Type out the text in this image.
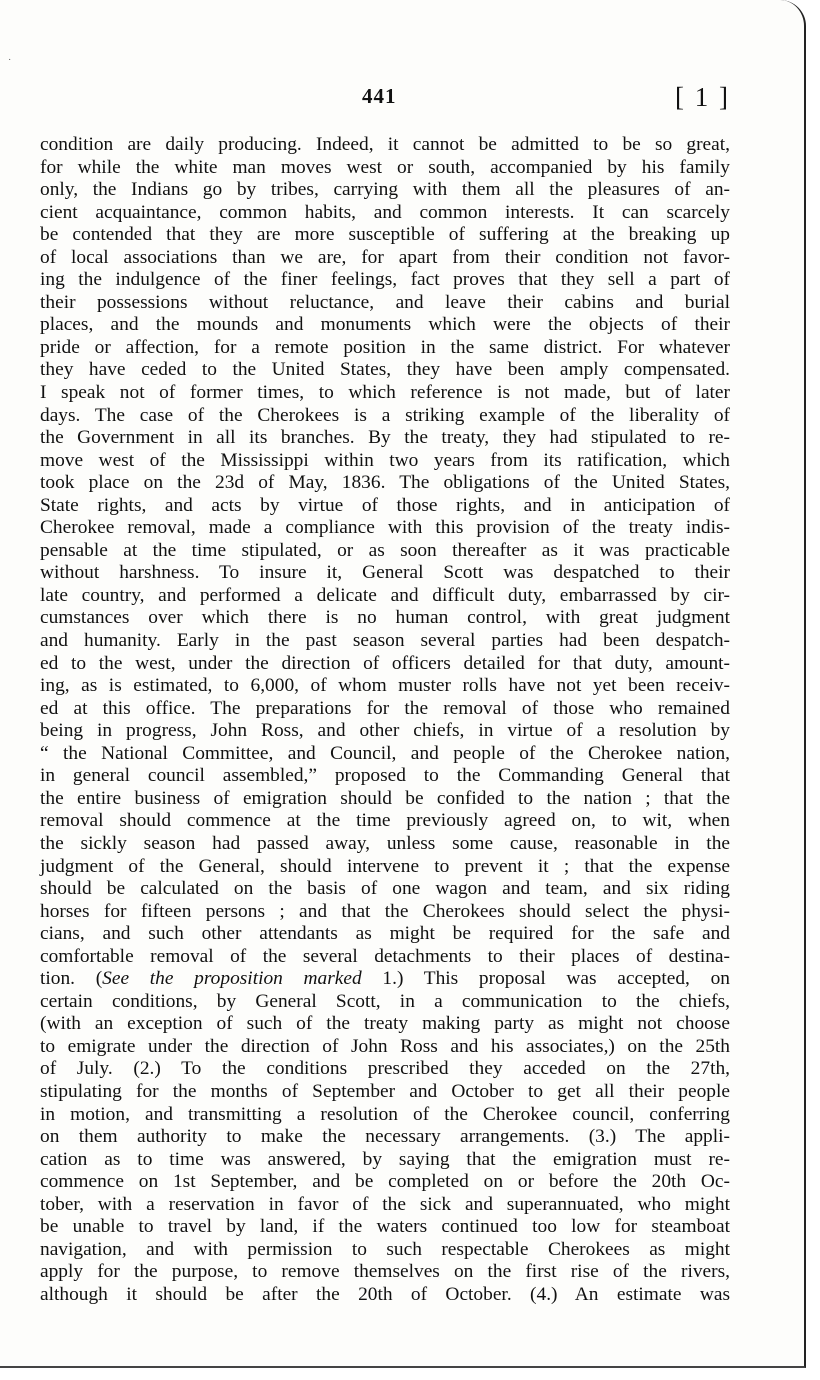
˙
441	[ 1 ]
condition are daily producing. Indeed, it cannot be admitted to be so great,
for while the white man moves west or south, accompanied by his family
only, the Indians go by tribes, carrying with them all the pleasures of an-
cient acquaintance, common habits, and common interests. It can scarcely
be contended that they are more susceptible of suffering at the breaking up
of local associations than we are, for apart from their condition not favor-
ing the indulgence of the finer feelings, fact proves that they sell a part of
their possessions without reluctance, and leave their cabins and burial
places, and the mounds and monuments which were the objects of their
pride or affection, for a remote position in the same district. For whatever
they have ceded to the United States, they have been amply compensated.
I speak not of former times, to which reference is not made, but of later
days. The case of the Cherokees is a striking example of the liberality of
the Government in all its branches. By the treaty, they had stipulated to re-
move west of the Mississippi within two years from its ratification, which
took place on the 23d of May, 1836. The obligations of the United States,
State rights, and acts by virtue of those rights, and in anticipation of
Cherokee removal, made a compliance with this provision of the treaty indis-
pensable at the time stipulated, or as soon thereafter as it was practicable
without harshness. To insure it, General Scott was despatched to their
late country, and performed a delicate and difficult duty, embarrassed by cir-
cumstances over which there is no human control, with great judgment
and humanity. Early in the past season several parties had been despatch-
ed to the west, under the direction of officers detailed for that duty, amount-
ing, as is estimated, to 6,000, of whom muster rolls have not yet been receiv-
ed at this office. The preparations for the removal of those who remained
being in progress, John Ross, and other chiefs, in virtue of a resolution by
“ the National Committee, and Council, and people of the Cherokee nation,
in general council assembled,” proposed to the Commanding General that
the entire business of emigration should be confided to the nation ; that the
removal should commence at the time previously agreed on, to wit, when
the sickly season had passed away, unless some cause, reasonable in the
judgment of the General, should intervene to prevent it ; that the expense
should be calculated on the basis of one wagon and team, and six riding
horses for fifteen persons ; and that the Cherokees should select the physi-
cians, and such other attendants as might be required for the safe and
comfortable removal of the several detachments to their places of destina-
tion. (See the proposition marked 1.) This proposal was accepted, on
certain conditions, by General Scott, in a communication to the chiefs,
(with an exception of such of the treaty making party as might not choose
to emigrate under the direction of John Ross and his associates,) on the 25th
of July. (2.) To the conditions prescribed they acceded on the 27th,
stipulating for the months of September and October to get all their people
in motion, and transmitting a resolution of the Cherokee council, conferring
on them authority to make the necessary arrangements. (3.) The appli-
cation as to time was answered, by saying that the emigration must re-
commence on 1st September, and be completed on or before the 20th Oc-
tober, with a reservation in favor of the sick and superannuated, who might
be unable to travel by land, if the waters continued too low for steamboat
navigation, and with permission to such respectable Cherokees as might
apply for the purpose, to remove themselves on the first rise of the rivers,
although it should be after the 20th of October. (4.) An estimate was
